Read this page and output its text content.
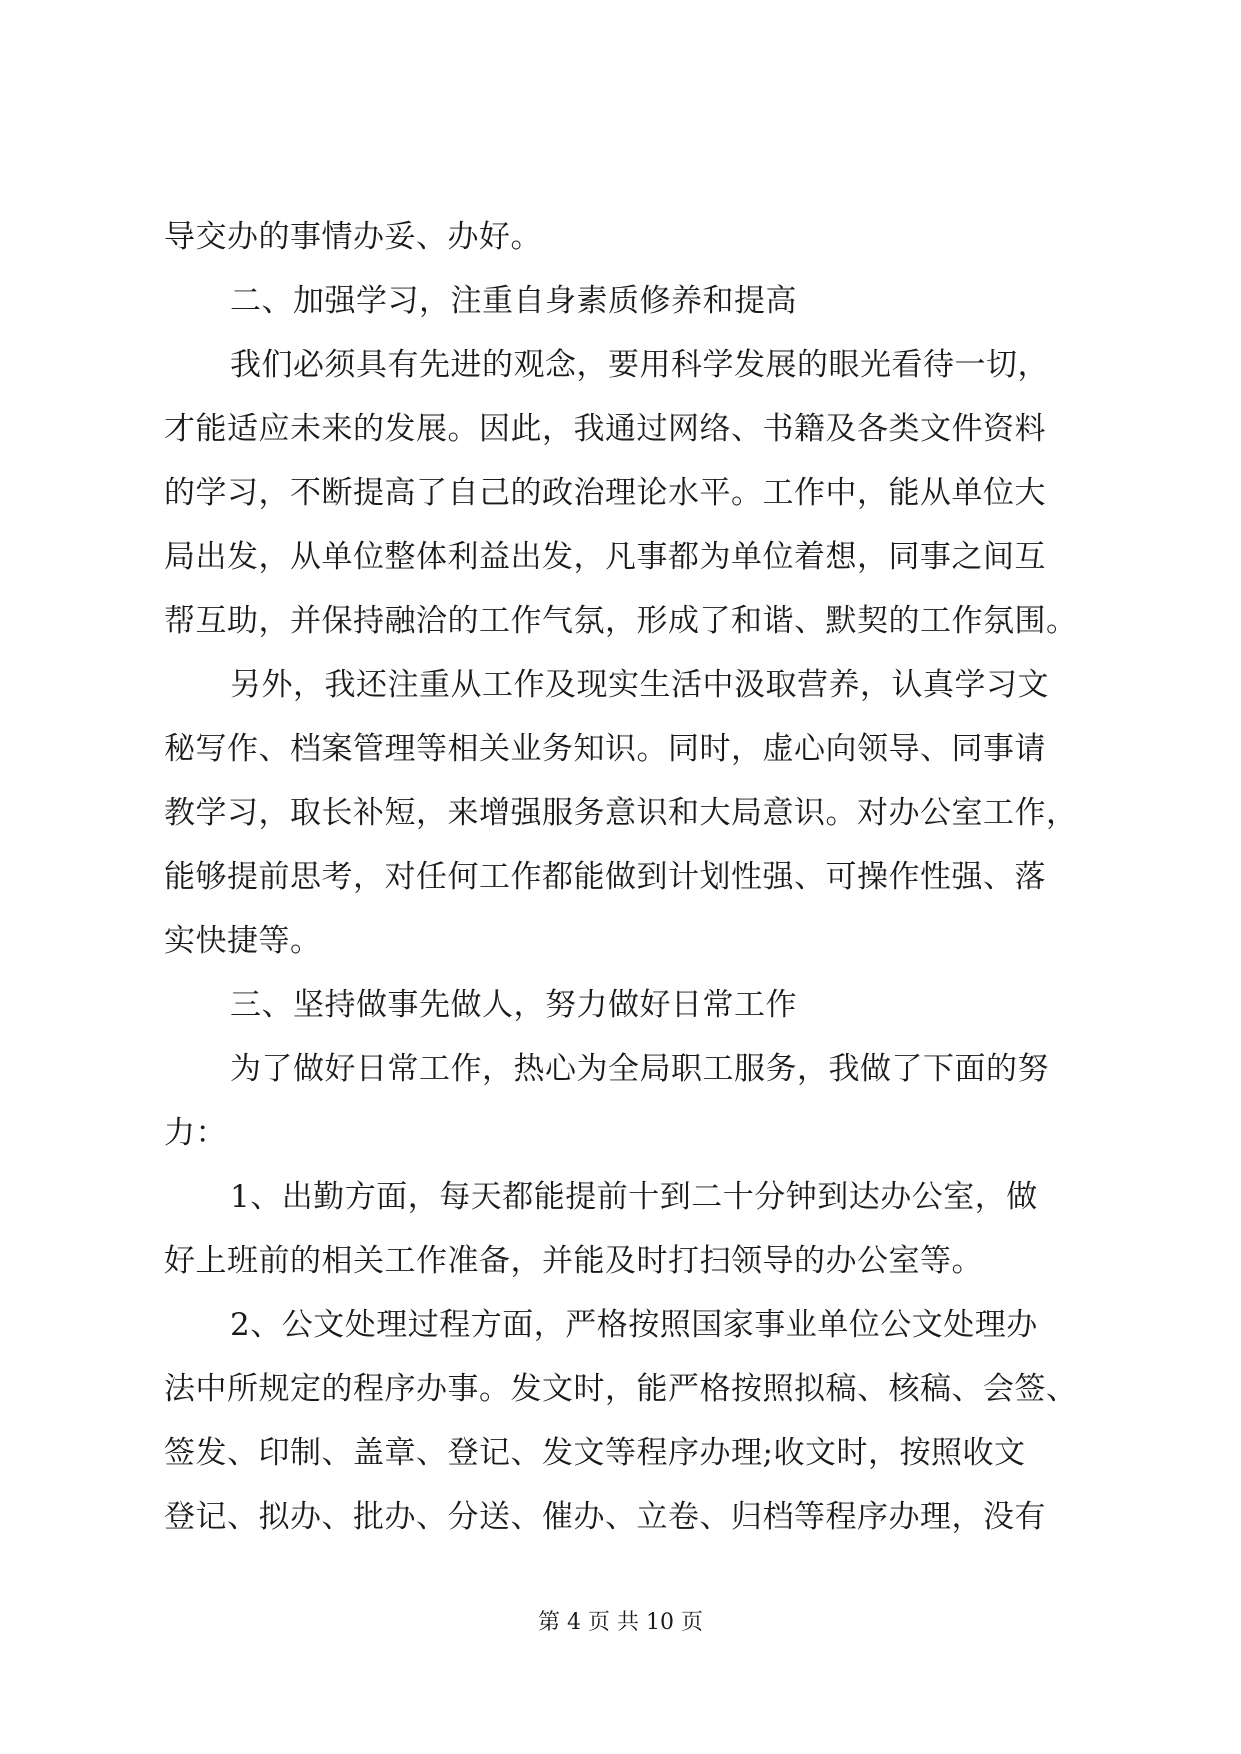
导交办的事情办妥、办好。
二、加强学习，注重自身素质修养和提高
我们必须具有先进的观念，要用科学发展的眼光看待一切，
才能适应未来的发展。因此，我通过网络、书籍及各类文件资料
的学习，不断提高了自己的政治理论水平。工作中，能从单位大
局出发，从单位整体利益出发，凡事都为单位着想，同事之间互
帮互助，并保持融洽的工作气氛，形成了和谐、默契的工作氛围。
另外，我还注重从工作及现实生活中汲取营养，认真学习文
秘写作、档案管理等相关业务知识。同时，虚心向领导、同事请
教学习，取长补短，来增强服务意识和大局意识。对办公室工作，
能够提前思考，对任何工作都能做到计划性强、可操作性强、落
实快捷等。
三、坚持做事先做人，努力做好日常工作
为了做好日常工作，热心为全局职工服务，我做了下面的努
力：
1、出勤方面，每天都能提前十到二十分钟到达办公室，做
好上班前的相关工作准备，并能及时打扫领导的办公室等。
2、公文处理过程方面，严格按照国家事业单位公文处理办
法中所规定的程序办事。发文时，能严格按照拟稿、核稿、会签、
签发、印制、盖章、登记、发文等程序办理;收文时，按照收文
登记、拟办、批办、分送、催办、立卷、归档等程序办理，没有
第 4 页 共 10 页
